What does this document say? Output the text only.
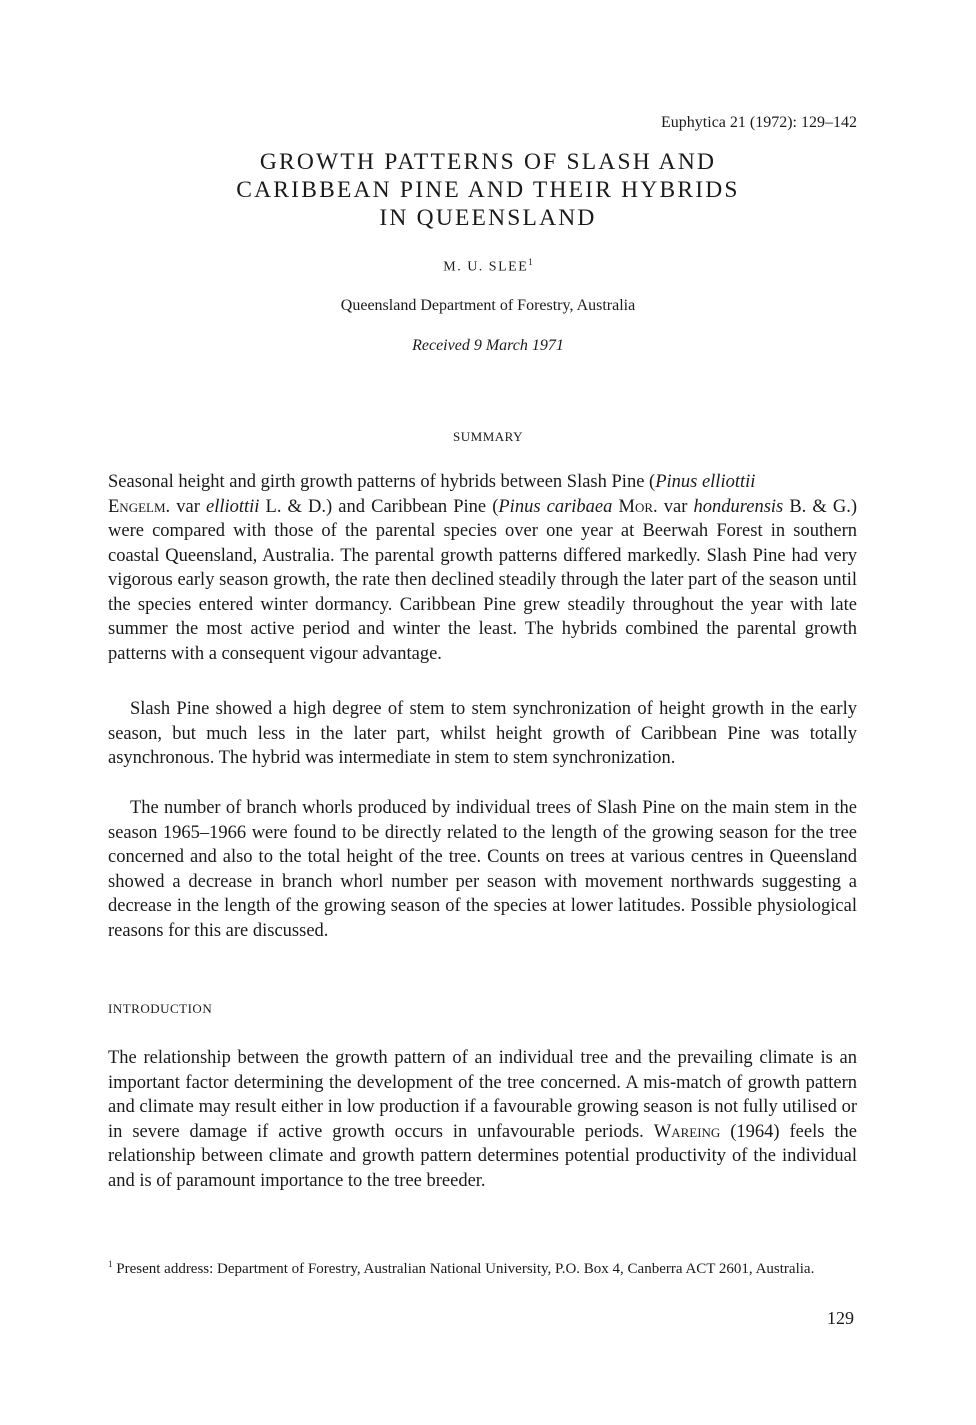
Euphytica 21 (1972): 129–142
GROWTH PATTERNS OF SLASH AND
CARIBBEAN PINE AND THEIR HYBRIDS
IN QUEENSLAND
M. U. SLEE$^1$
Queensland Department of Forestry, Australia
Received 9 March 1971
SUMMARY

Seasonal height and girth growth patterns of hybrids between Slash Pine (Pinus elliottii
Engelm. var elliottii L. & D.) and Caribbean Pine (Pinus caribaea Mor. var hondurensis B. & G.) were compared with those of the parental species over one year at Beerwah Forest in southern coastal Queensland, Australia. The parental growth patterns differed markedly. Slash Pine had very vigorous early season growth, the rate then declined steadily through the later part of the season until the species entered winter dormancy. Caribbean Pine grew steadily throughout the year with late summer the most active period and winter the least. The hybrids combined the parental growth patterns with a consequent vigour advantage.

Slash Pine showed a high degree of stem to stem synchronization of height growth in the early season, but much less in the later part, whilst height growth of Caribbean Pine was totally asynchronous. The hybrid was intermediate in stem to stem synchronization.

The number of branch whorls produced by individual trees of Slash Pine on the main stem in the season 1965–1966 were found to be directly related to the length of the growing season for the tree concerned and also to the total height of the tree. Counts on trees at various centres in Queensland showed a decrease in branch whorl number per season with movement northwards suggesting a decrease in the length of the growing season of the species at lower latitudes. Possible physiological reasons for this are discussed.

INTRODUCTION

The relationship between the growth pattern of an individual tree and the prevailing climate is an important factor determining the development of the tree concerned. A mis-match of growth pattern and climate may result either in low production if a favourable growing season is not fully utilised or in severe damage if active growth occurs in unfavourable periods. Wareing (1964) feels the relationship between climate and growth pattern determines potential productivity of the individual and is of paramount importance to the tree breeder.

$^1$ Present address: Department of Forestry, Australian National University, P.O. Box 4, Canberra ACT 2601, Australia.

129
